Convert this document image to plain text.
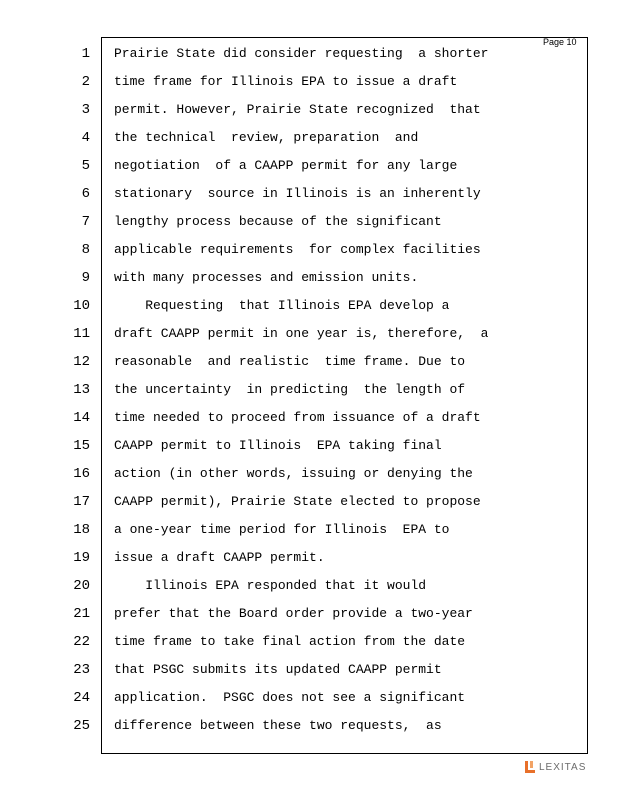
Page 10
1
2
3
4
5
6
7
8
9
10
11
12
13
14
15
16
17
18
19
20
21
22
23
24
25
Prairie State did consider requesting  a shorter
time frame for Illinois EPA to issue a draft
permit. However, Prairie State recognized  that
the technical  review, preparation  and
negotiation  of a CAAPP permit for any large
stationary  source in Illinois is an inherently
lengthy process because of the significant
applicable requirements  for complex facilities
with many processes and emission units.
Requesting  that Illinois EPA develop a
draft CAAPP permit in one year is, therefore,  a
reasonable  and realistic  time frame. Due to
the uncertainty  in predicting  the length of
time needed to proceed from issuance of a draft
CAAPP permit to Illinois  EPA taking final
action (in other words, issuing or denying the
CAAPP permit), Prairie State elected to propose
a one-year time period for Illinois  EPA to
issue a draft CAAPP permit.
Illinois EPA responded that it would
prefer that the Board order provide a two-year
time frame to take final action from the date
that PSGC submits its updated CAAPP permit
application.  PSGC does not see a significant
difference between these two requests,  as
LEXITAS
